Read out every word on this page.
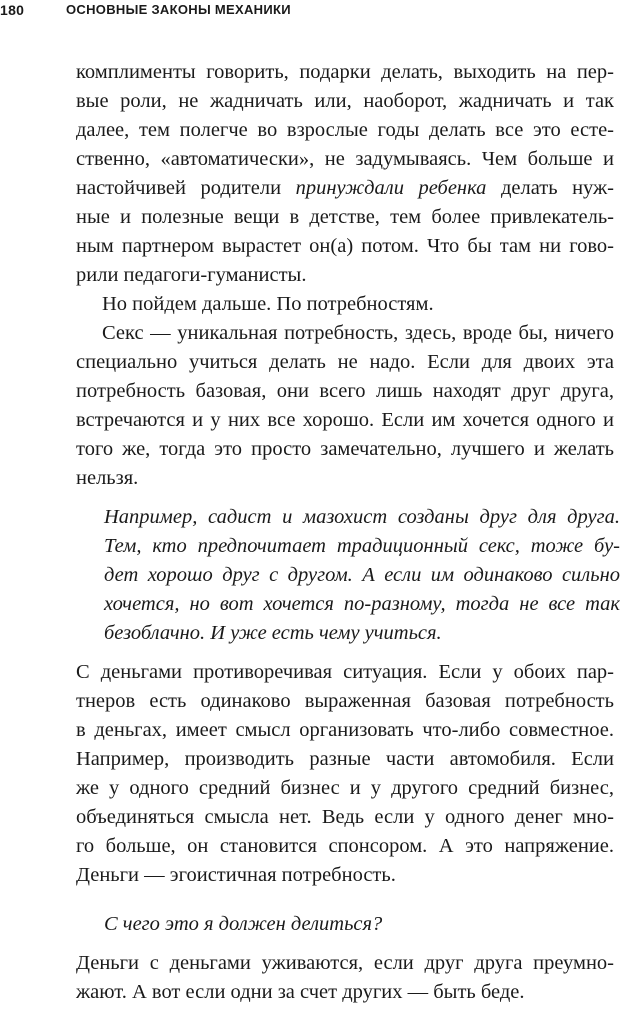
180	ОСНОВНЫЕ ЗАКОНЫ МЕХАНИКИ
комплименты говорить, подарки делать, выходить на пер-
вые роли, не жадничать или, наоборот, жадничать и так
далее, тем полегче во взрослые годы делать все это есте-
ственно, «автоматически», не задумываясь. Чем больше и
настойчивей родители принуждали ребенка делать нуж-
ные и полезные вещи в детстве, тем более привлекатель-
ным партнером вырастет он(а) потом. Что бы там ни гово-
рили педагоги-гуманисты.
Но пойдем дальше. По потребностям.
Секс — уникальная потребность, здесь, вроде бы, ничего
специально учиться делать не надо. Если для двоих эта
потребность базовая, они всего лишь находят друг друга,
встречаются и у них все хорошо. Если им хочется одного и
того же, тогда это просто замечательно, лучшего и желать
нельзя.
Например, садист и мазохист созданы друг для друга.
Тем, кто предпочитает традиционный секс, тоже бу-
дет хорошо друг с другом. А если им одинаково сильно
хочется, но вот хочется по-разному, тогда не все так
безоблачно. И уже есть чему учиться.
С деньгами противоречивая ситуация. Если у обоих пар-
тнеров есть одинаково выраженная базовая потребность
в деньгах, имеет смысл организовать что-либо совместное.
Например, производить разные части автомобиля. Если
же у одного средний бизнес и у другого средний бизнес,
объединяться смысла нет. Ведь если у одного денег мно-
го больше, он становится спонсором. А это напряжение.
Деньги — эгоистичная потребность.
С чего это я должен делиться?
Деньги с деньгами уживаются, если друг друга преумно-
жают. А вот если одни за счет других — быть беде.
